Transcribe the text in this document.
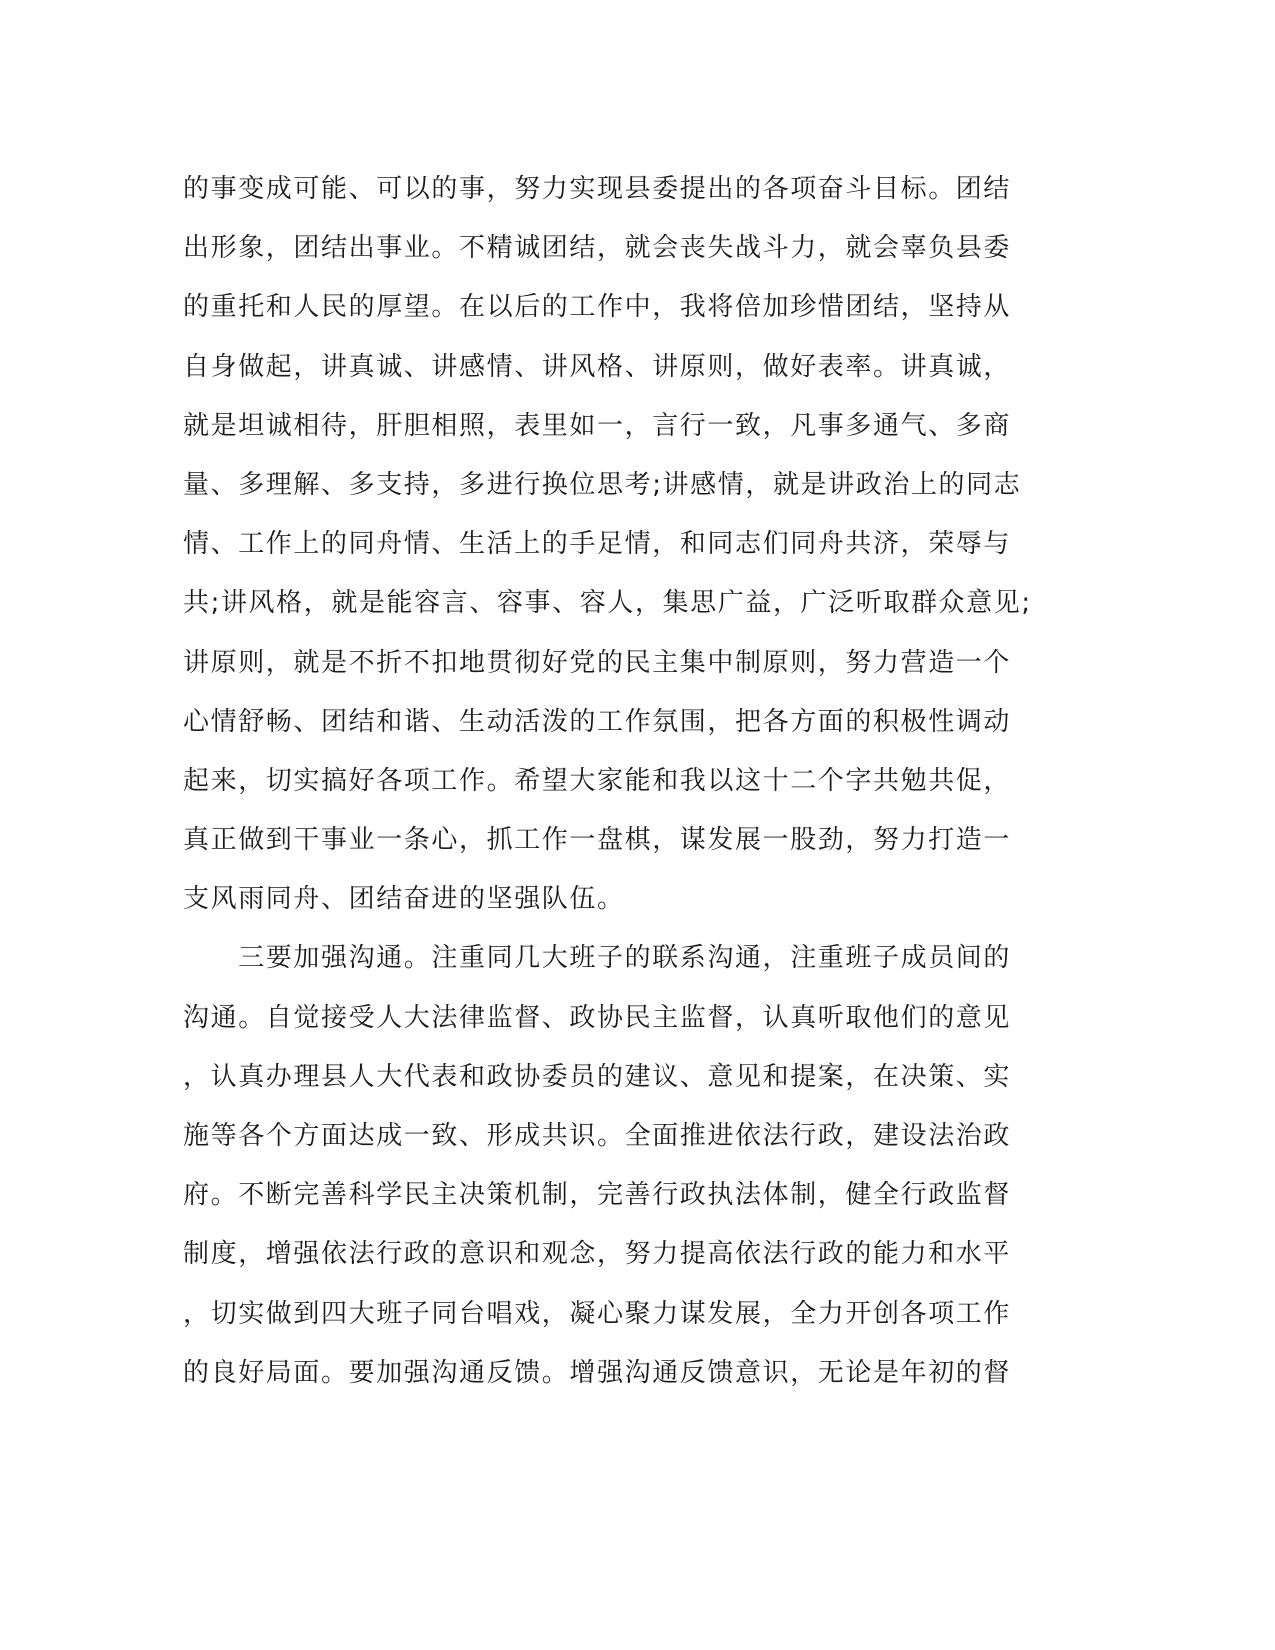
的事变成可能、可以的事，努力实现县委提出的各项奋斗目标。团结
出形象，团结出事业。不精诚团结，就会丧失战斗力，就会辜负县委
的重托和人民的厚望。在以后的工作中，我将倍加珍惜团结，坚持从
自身做起，讲真诚、讲感情、讲风格、讲原则，做好表率。讲真诚，
就是坦诚相待，肝胆相照，表里如一，言行一致，凡事多通气、多商
量、多理解、多支持，多进行换位思考;讲感情，就是讲政治上的同志
情、工作上的同舟情、生活上的手足情，和同志们同舟共济，荣辱与
共;讲风格，就是能容言、容事、容人，集思广益，广泛听取群众意见;
讲原则，就是不折不扣地贯彻好党的民主集中制原则，努力营造一个
心情舒畅、团结和谐、生动活泼的工作氛围，把各方面的积极性调动
起来，切实搞好各项工作。希望大家能和我以这十二个字共勉共促，
真正做到干事业一条心，抓工作一盘棋，谋发展一股劲，努力打造一
支风雨同舟、团结奋进的坚强队伍。
　　三要加强沟通。注重同几大班子的联系沟通，注重班子成员间的
沟通。自觉接受人大法律监督、政协民主监督，认真听取他们的意见
，认真办理县人大代表和政协委员的建议、意见和提案，在决策、实
施等各个方面达成一致、形成共识。全面推进依法行政，建设法治政
府。不断完善科学民主决策机制，完善行政执法体制，健全行政监督
制度，增强依法行政的意识和观念，努力提高依法行政的能力和水平
，切实做到四大班子同台唱戏，凝心聚力谋发展，全力开创各项工作
的良好局面。要加强沟通反馈。增强沟通反馈意识，无论是年初的督
